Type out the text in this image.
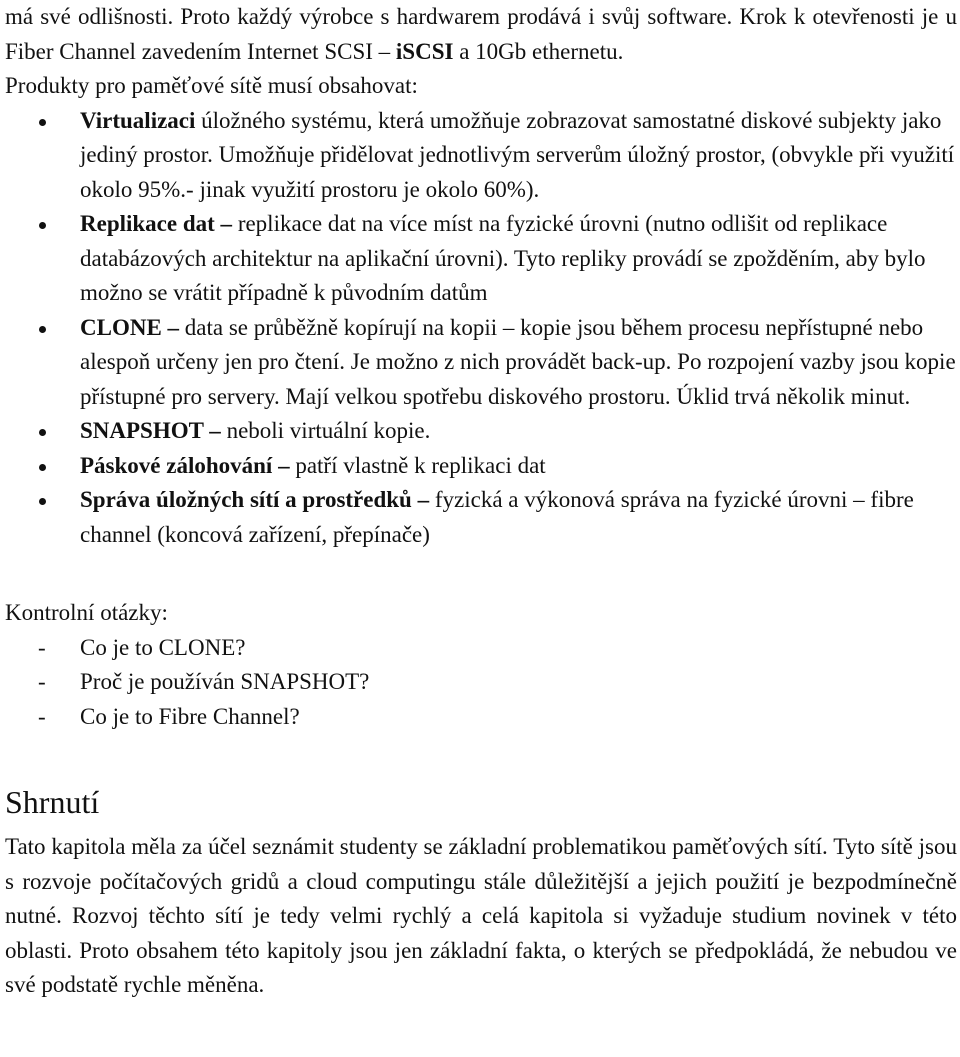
má své odlišnosti. Proto každý výrobce s hardwarem prodává i svůj software. Krok k otevřenosti je u Fiber Channel zavedením Internet SCSI – iSCSI a 10Gb ethernetu.

Produkty pro paměťové sítě musí obsahovat:

Virtualizaci úložného systému, která umožňuje zobrazovat samostatné diskové subjekty jako jediný prostor. Umožňuje přidělovat jednotlivým serverům úložný prostor, (obvykle při využití okolo 95%.- jinak využití prostoru je okolo 60%).
Replikace dat – replikace dat na více míst na fyzické úrovni (nutno odlišit od replikace databázových architektur na aplikační úrovni). Tyto repliky provádí se zpožděním, aby bylo možno se vrátit případně k původním datům
CLONE – data se průběžně kopírují na kopii – kopie jsou během procesu nepřístupné nebo alespoň určeny jen pro čtení. Je možno z nich provádět back-up. Po rozpojení vazby jsou kopie přístupné pro servery. Mají velkou spotřebu diskového prostoru. Úklid trvá několik minut.
SNAPSHOT – neboli virtuální kopie.
Páskové zálohování – patří vlastně k replikaci dat
Správa úložných sítí a prostředků – fyzická a výkonová správa na fyzické úrovni – fibre channel (koncová zařízení, přepínače)

Kontrolní otázky:

- Co je to CLONE?
- Proč je používán SNAPSHOT?
- Co je to Fibre Channel?
Shrnutí

Tato kapitola měla za účel seznámit studenty se základní problematikou paměťových sítí. Tyto sítě jsou s rozvoje počítačových gridů a cloud computingu stále důležitější a jejich použití je bezpodmínečně nutné. Rozvoj těchto sítí je tedy velmi rychlý a celá kapitola si vyžaduje studium novinek v této oblasti. Proto obsahem této kapitoly jsou jen základní fakta, o kterých se předpokládá, že nebudou ve své podstatě rychle měněna.
